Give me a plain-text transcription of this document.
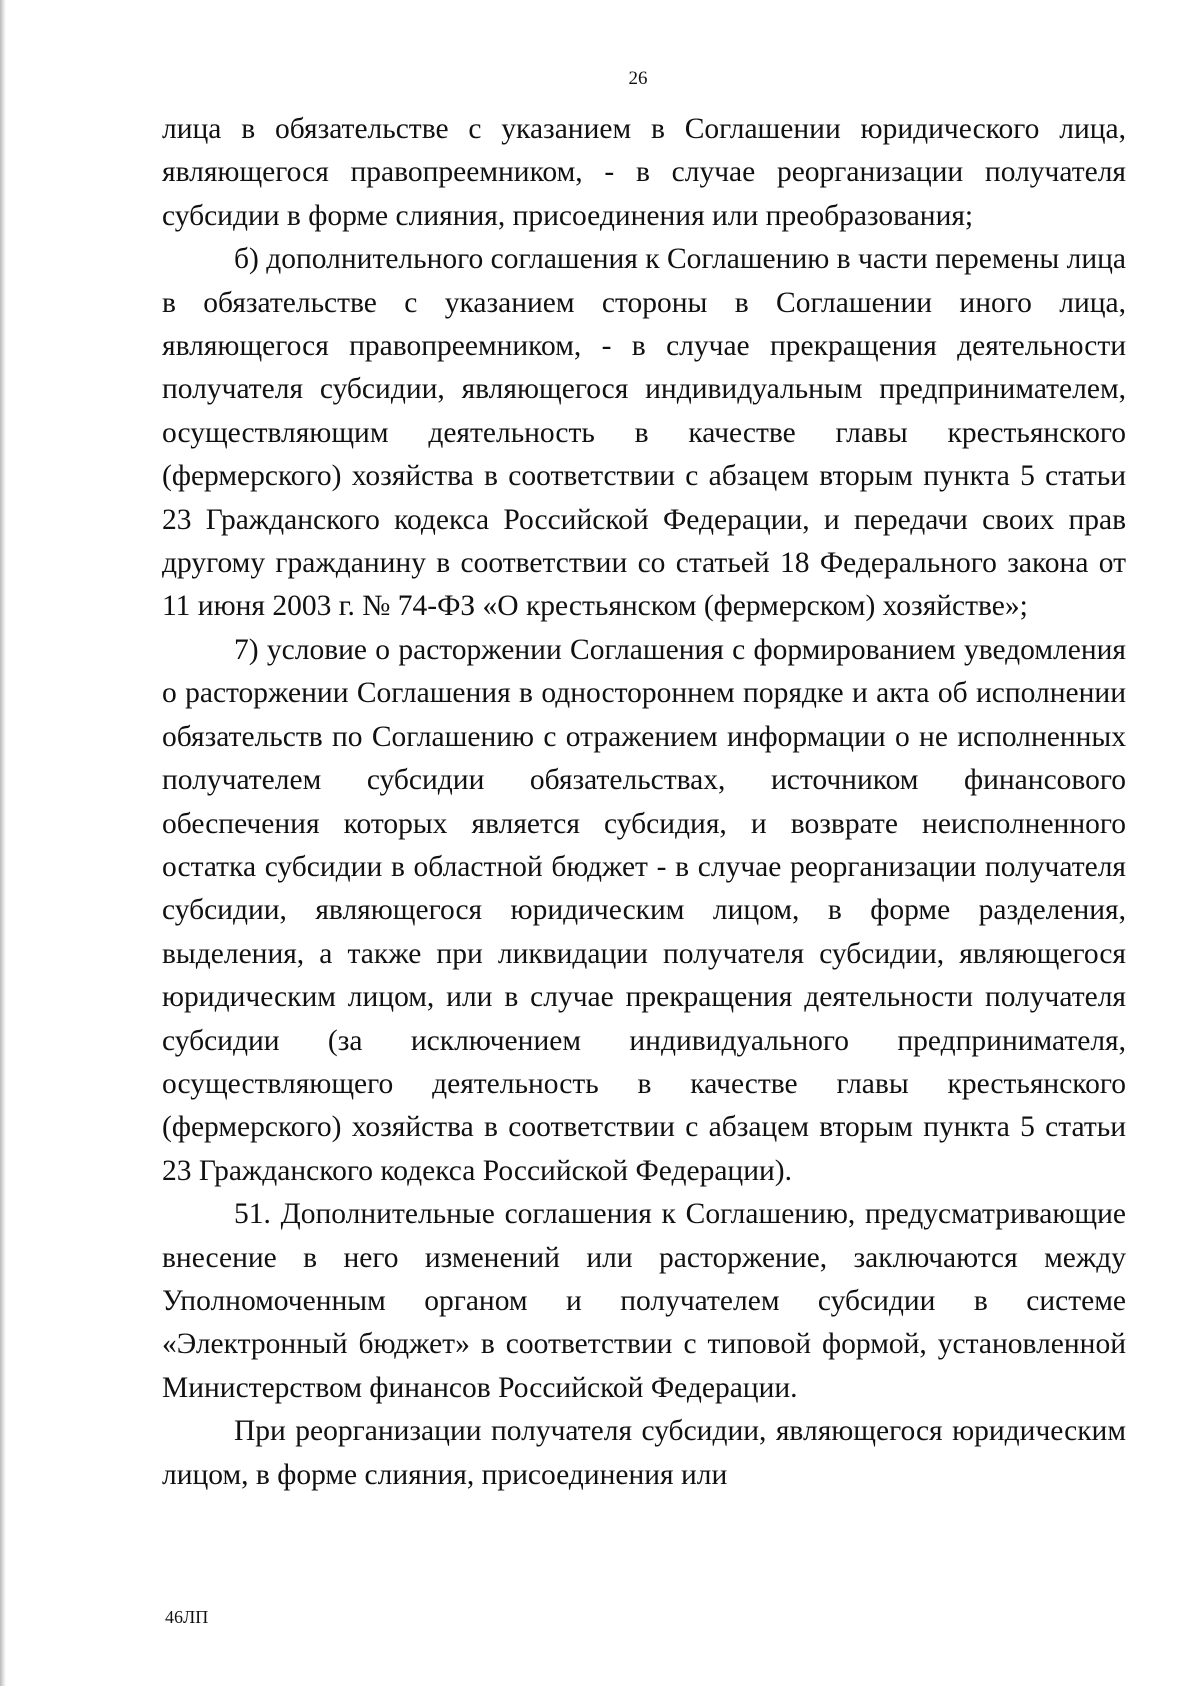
26

лица в обязательстве с указанием в Соглашении юридического лица, являющегося правопреемником, - в случае реорганизации получателя субсидии в форме слияния, присоединения или преобразования;

б) дополнительного соглашения к Соглашению в части перемены лица в обязательстве с указанием стороны в Соглашении иного лица, являющегося правопреемником, - в случае прекращения деятельности получателя субсидии, являющегося индивидуальным предпринимателем, осуществляющим деятельность в качестве главы крестьянского (фермерского) хозяйства в соответствии с абзацем вторым пункта 5 статьи 23 Гражданского кодекса Российской Федерации, и передачи своих прав другому гражданину в соответствии со статьей 18 Федерального закона от 11 июня 2003 г. № 74-ФЗ «О крестьянском (фермерском) хозяйстве»;

7) условие о расторжении Соглашения с формированием уведомления о расторжении Соглашения в одностороннем порядке и акта об исполнении обязательств по Соглашению с отражением информации о не исполненных получателем субсидии обязательствах, источником финансового обеспечения которых является субсидия, и возврате неисполненного остатка субсидии в областной бюджет - в случае реорганизации получателя субсидии, являющегося юридическим лицом, в форме разделения, выделения, а также при ликвидации получателя субсидии, являющегося юридическим лицом, или в случае прекращения деятельности получателя субсидии (за исключением индивидуального предпринимателя, осуществляющего деятельность в качестве главы крестьянского (фермерского) хозяйства в соответствии с абзацем вторым пункта 5 статьи 23 Гражданского кодекса Российской Федерации).

51. Дополнительные соглашения к Соглашению, предусматривающие внесение в него изменений или расторжение, заключаются между Уполномоченным органом и получателем субсидии в системе «Электронный бюджет» в соответствии с типовой формой, установленной Министерством финансов Российской Федерации.

При реорганизации получателя субсидии, являющегося юридическим лицом, в форме слияния, присоединения или

46ЛП
